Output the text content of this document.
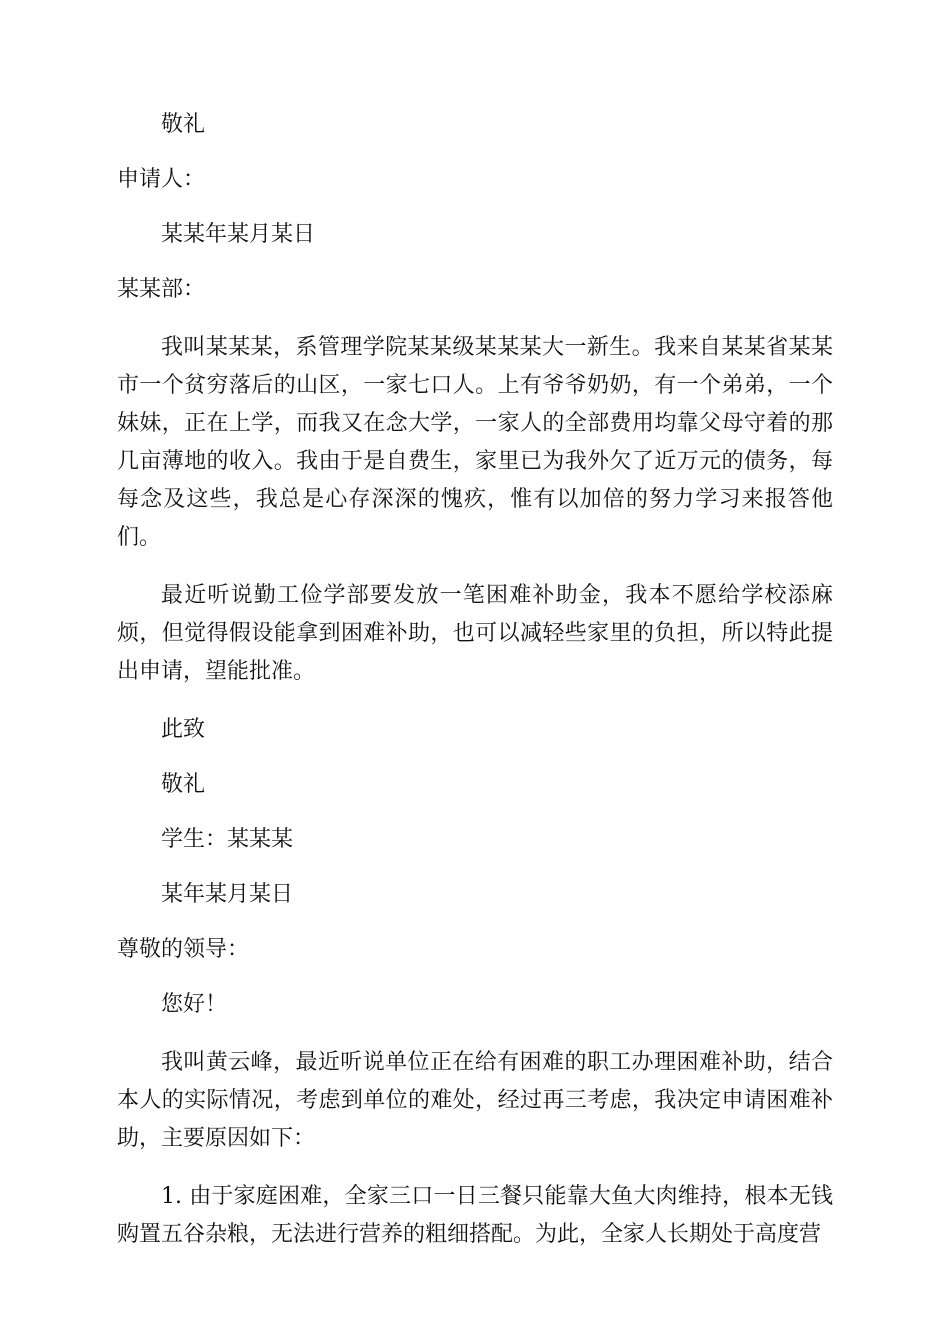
敬礼

申请人：

某某年某月某日

某某部：

我叫某某某，系管理学院某某级某某某大一新生。我来自某某省某某市一个贫穷落后的山区，一家七口人。上有爷爷奶奶，有一个弟弟，一个妹妹，正在上学，而我又在念大学，一家人的全部费用均靠父母守着的那几亩薄地的收入。我由于是自费生，家里已为我外欠了近万元的债务，每每念及这些，我总是心存深深的愧疚，惟有以加倍的努力学习来报答他们。

最近听说勤工俭学部要发放一笔困难补助金，我本不愿给学校添麻烦，但觉得假设能拿到困难补助，也可以减轻些家里的负担，所以特此提出申请，望能批准。

此致

敬礼

学生：某某某

某年某月某日

尊敬的领导：

您好！

我叫黄云峰，最近听说单位正在给有困难的职工办理困难补助，结合本人的实际情况，考虑到单位的难处，经过再三考虑，我决定申请困难补助，主要原因如下：

1. 由于家庭困难，全家三口一日三餐只能靠大鱼大肉维持，根本无钱购置五谷杂粮，无法进行营养的粗细搭配。为此，全家人长期处于高度营
